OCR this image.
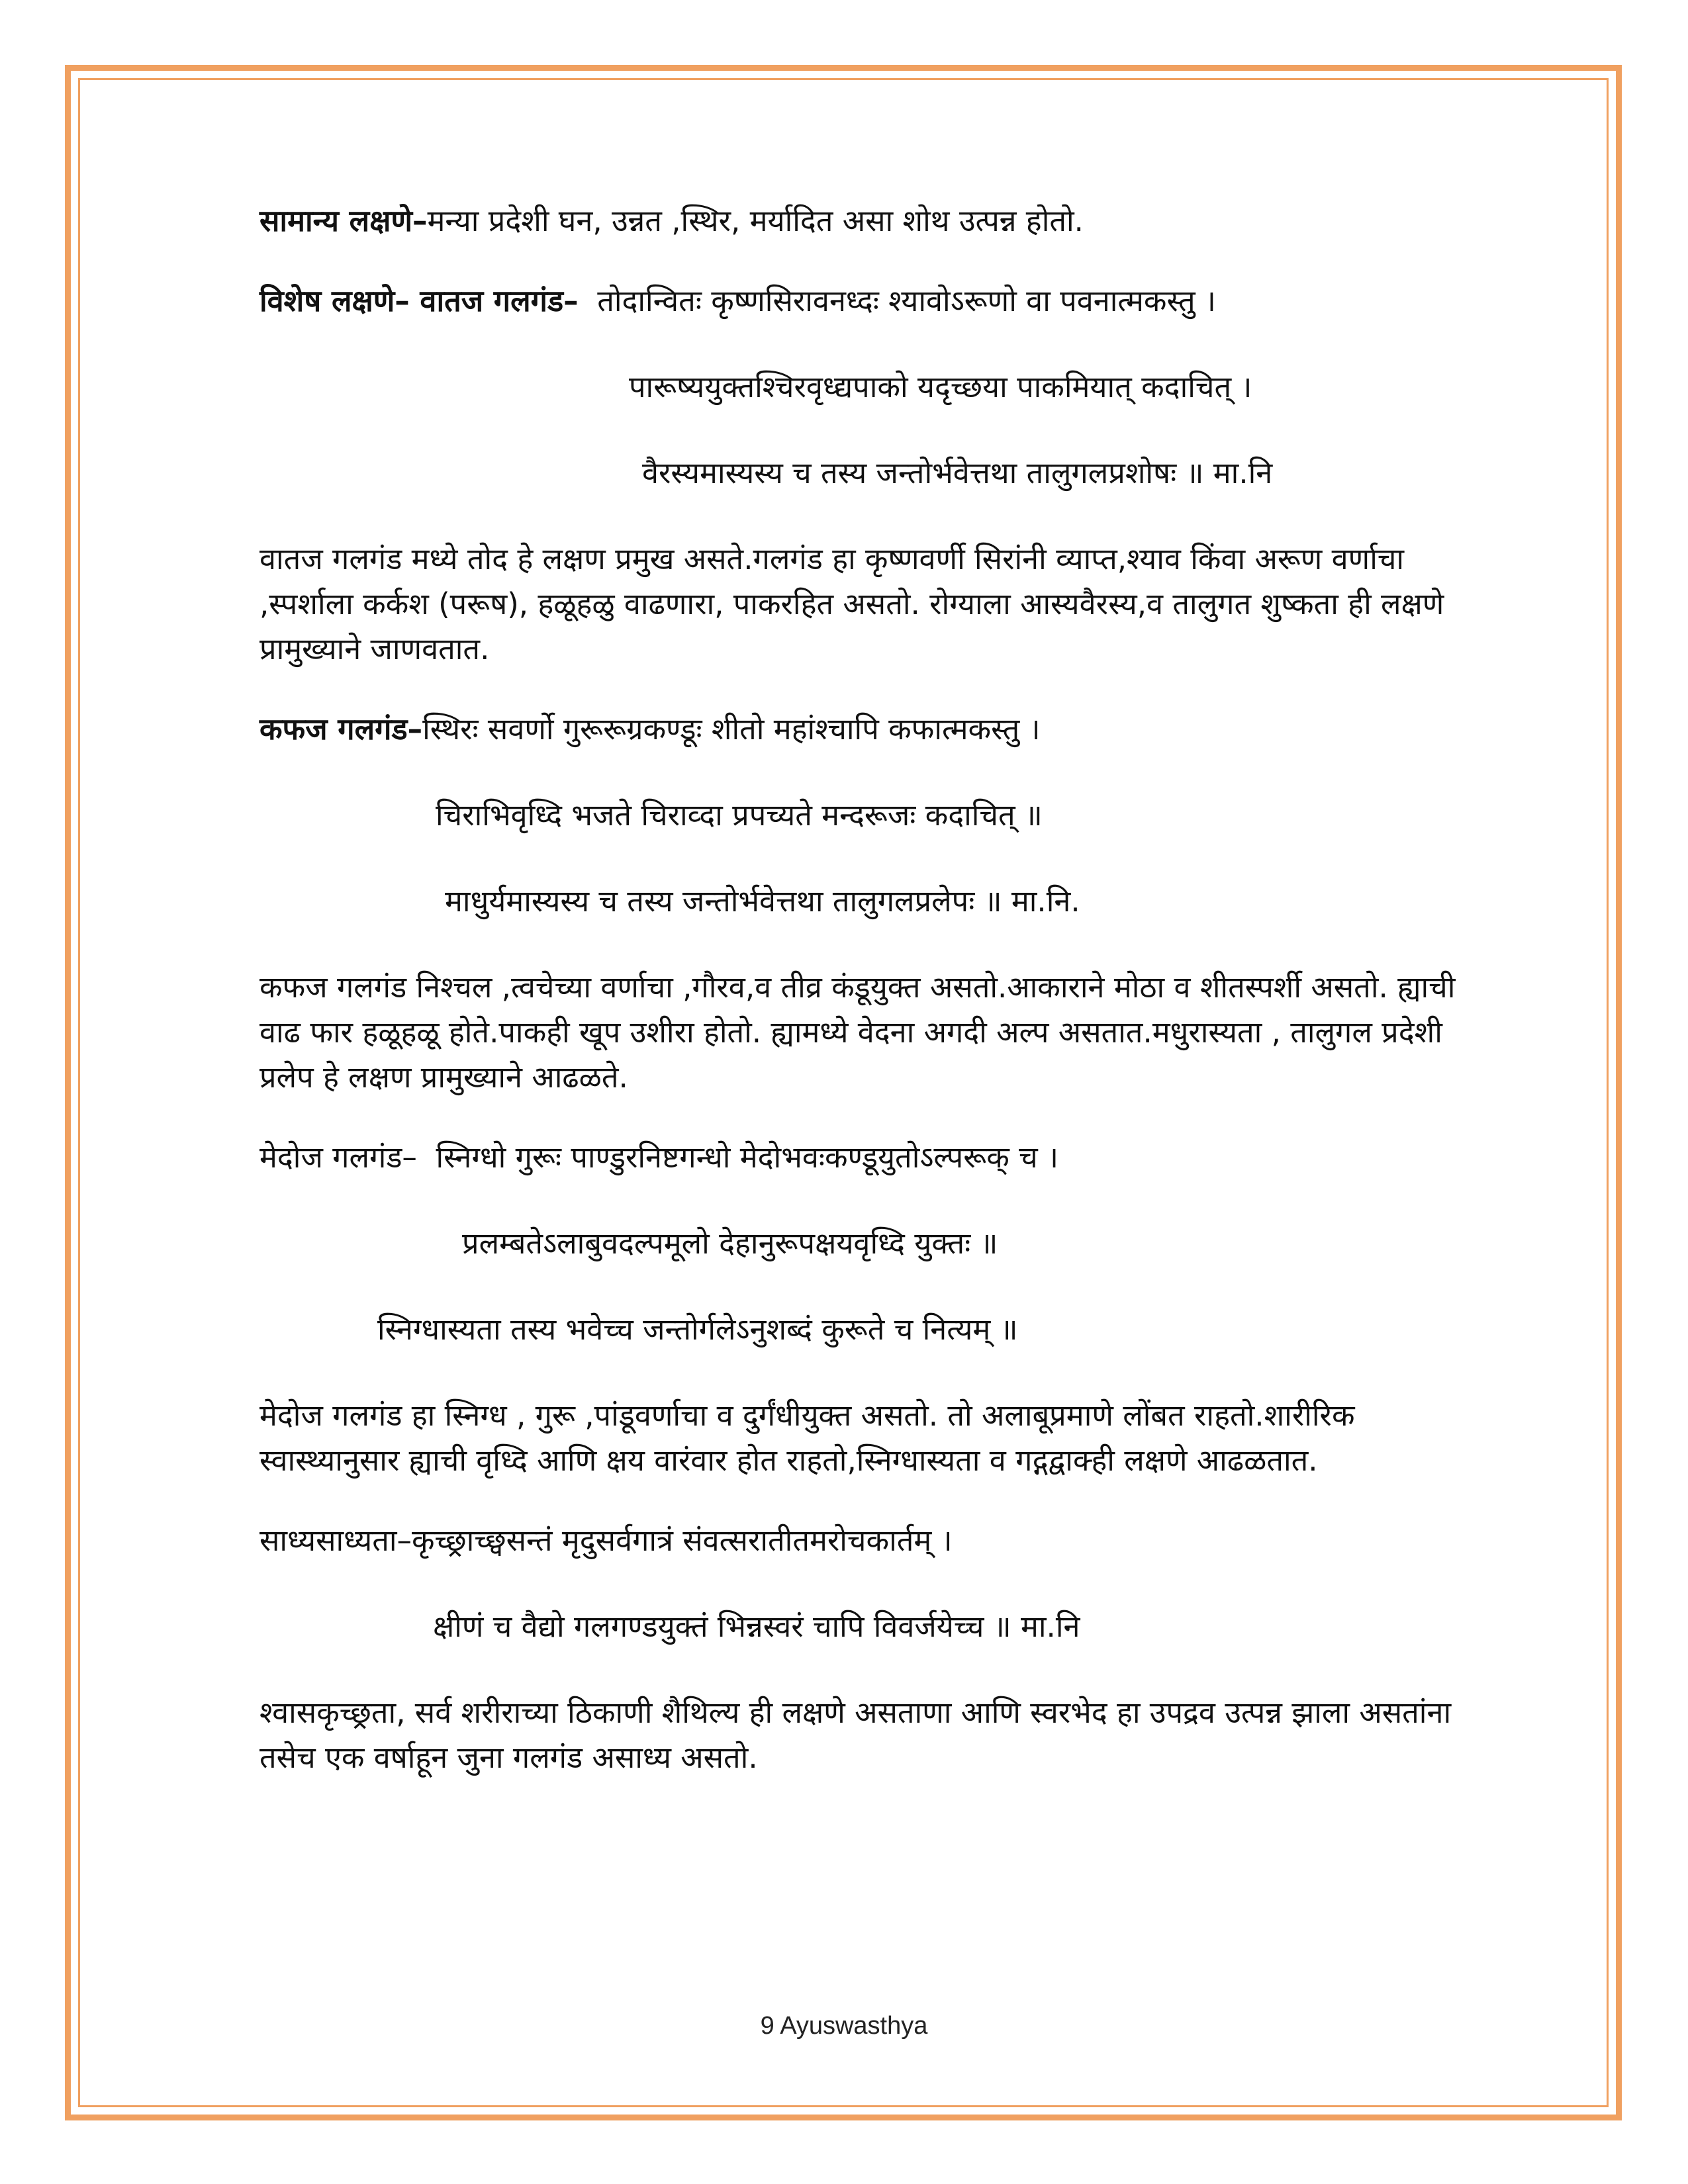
सामान्य लक्षणे–मन्या प्रदेशी घन, उन्नत ,स्थिर, मर्यादित असा शोथ उत्पन्न होतो.

विशेष लक्षणे– वातज गलगंड– तोदान्वितः कृष्णसिरावनध्दः श्यावोऽरूणो वा पवनात्मकस्तु ।

पारूष्ययुक्तश्चिरवृध्द्यपाको यदृच्छया पाकमियात् कदाचित् ।

वैरस्यमास्यस्य च तस्य जन्तोर्भवेत्तथा तालुगलप्रशोषः ॥ मा.नि

वातज गलगंड मध्ये तोद हे लक्षण प्रमुख असते.गलगंड हा कृष्णवर्णी सिरांनी व्याप्त,श्याव किंवा अरूण वर्णाचा ,स्पर्शाला कर्कश (परूष), हळूहळु वाढणारा, पाकरहित असतो. रोग्याला आस्यवैरस्य,व तालुगत शुष्कता ही लक्षणे प्रामुख्याने जाणवतात.

कफज गलगंड–स्थिरः सवर्णो गुरूरूग्रकण्डूः शीतो महांश्चापि कफात्मकस्तु ।

चिराभिवृध्दि भजते चिराव्दा प्रपच्यते मन्दरूजः कदाचित् ॥

माधुर्यमास्यस्य च तस्य जन्तोर्भवेत्तथा तालुगलप्रलेपः ॥ मा.नि.

कफज गलगंड निश्चल ,त्वचेच्या वर्णाचा ,गौरव,व तीव्र कंडूयुक्त असतो.आकाराने मोठा व शीतस्पर्शी असतो. ह्याची वाढ फार हळूहळू होते.पाकही खूप उशीरा होतो. ह्यामध्ये वेदना अगदी अल्प असतात.मधुरास्यता , तालुगल प्रदेशी प्रलेप हे लक्षण प्रामुख्याने आढळते.

मेदोज गलगंड– स्निग्धो गुरूः पाण्डुरनिष्टगन्धो मेदोभवःकण्डूयुतोऽल्परूक् च ।

प्रलम्बतेऽलाबुवदल्पमूलो देहानुरूपक्षयवृध्दि युक्तः ॥

स्निग्धास्यता तस्य भवेच्च जन्तोर्गलेऽनुशब्दं कुरूते च नित्यम् ॥

मेदोज गलगंड हा स्निग्ध , गुरू ,पांडूवर्णाचा व दुर्गंधीयुक्त असतो. तो अलाबूप्रमाणे लोंबत राहतो.शारीरिक स्वास्थ्यानुसार ह्याची वृध्दि आणि क्षय वारंवार होत राहतो,स्निग्धास्यता व गद्गद्वाक्ही लक्षणे आढळतात.

साध्यसाध्यता–कृच्छ्राच्छ्वसन्तं मृदुसर्वगात्रं संवत्सरातीतमरोचकार्तम् ।

क्षीणं च वैद्यो गलगण्डयुक्तं भिन्नस्वरं चापि विवर्जयेच्च ॥ मा.नि

श्वासकृच्छ्रता, सर्व शरीराच्या ठिकाणी शैथिल्य ही लक्षणे असताणा आणि स्वरभेद हा उपद्रव उत्पन्न झाला असतांना तसेच एक वर्षाहून जुना गलगंड असाध्य असतो.

9 Ayuswasthya
